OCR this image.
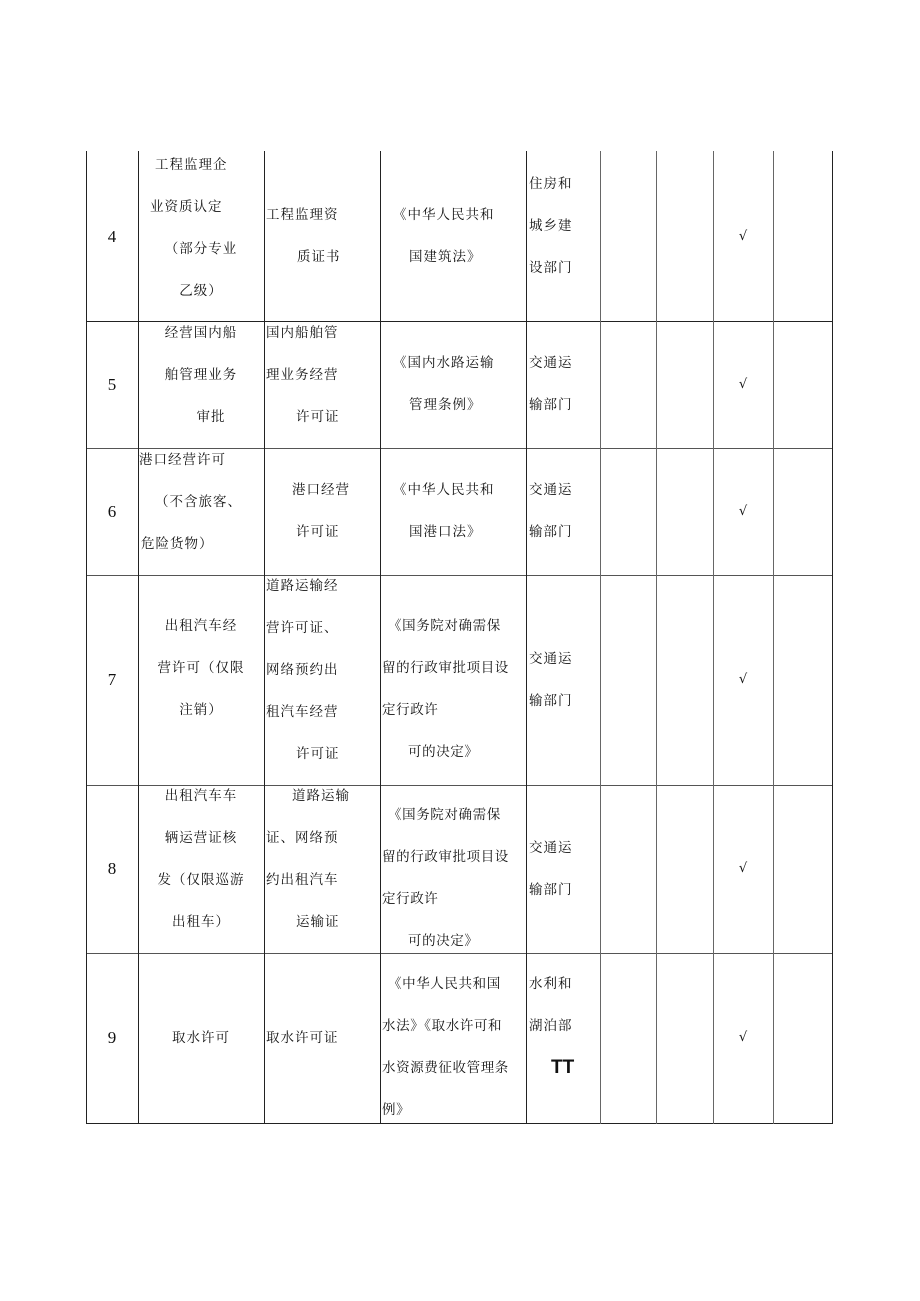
4
工程监理企
业资质认定
（部分专业
乙级）
工程监理资
质证书
《中华人民共和
国建筑法》
住房和
城乡建
设部门
√
5
经营国内船
舶管理业务
审批
国内船舶管
理业务经营
许可证
《国内水路运输
管理条例》
交通运
输部门
√
6
港口经营许可
（不含旅客、
危险货物）
港口经营
许可证
《中华人民共和
国港口法》
交通运
输部门
√
7
出租汽车经
营许可（仅限
注销）
道路运输经
营许可证、
网络预约出
租汽车经营
许可证
《国务院对确需保
留的行政审批项目设
定行政许
可的决定》
交通运
输部门
√
8
出租汽车车
辆运营证核
发（仅限巡游
出租车）
道路运输
证、网络预
约出租汽车
运输证
《国务院对确需保
留的行政审批项目设
定行政许
可的决定》
交通运
输部门
√
9	取水许可	取水许可证
《中华人民共和国
水法》《取水许可和
水资源费征收管理条
例》
水利和
湖泊部
TT
√
